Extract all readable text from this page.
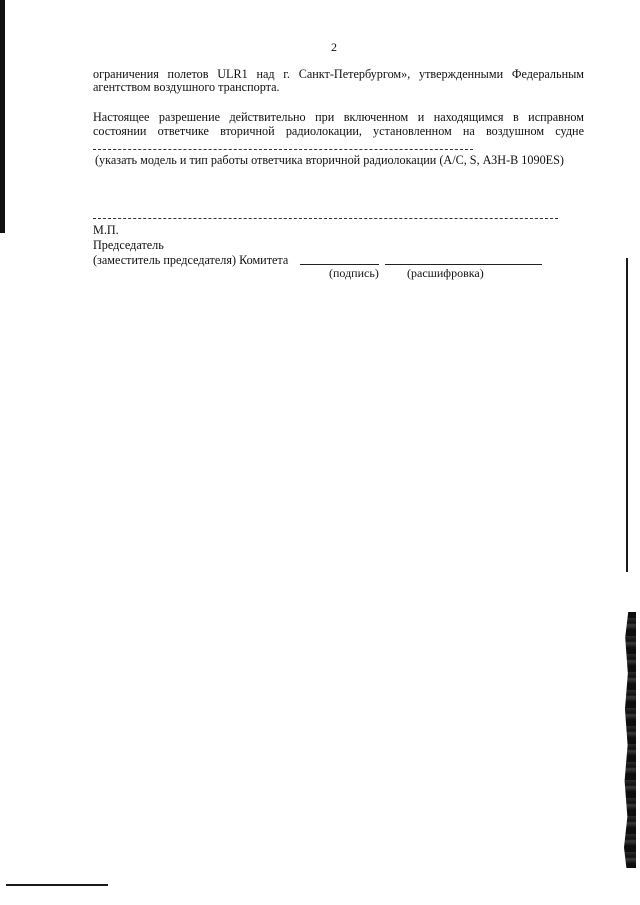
2
ограничения полетов ULR1 над г. Санкт-Петербургом», утвержденными Федеральным
агентством воздушного транспорта.
Настоящее разрешение действительно при включенном и находящимся в исправном
состоянии ответчике вторичной радиолокации, установленном на воздушном судне
(указать модель и тип работы ответчика вторичной радиолокации (А/С, S, АЗН-В 1090ES)
М.П.
Председатель
(заместитель председателя) Комитета
(подпись) (расшифровка)
